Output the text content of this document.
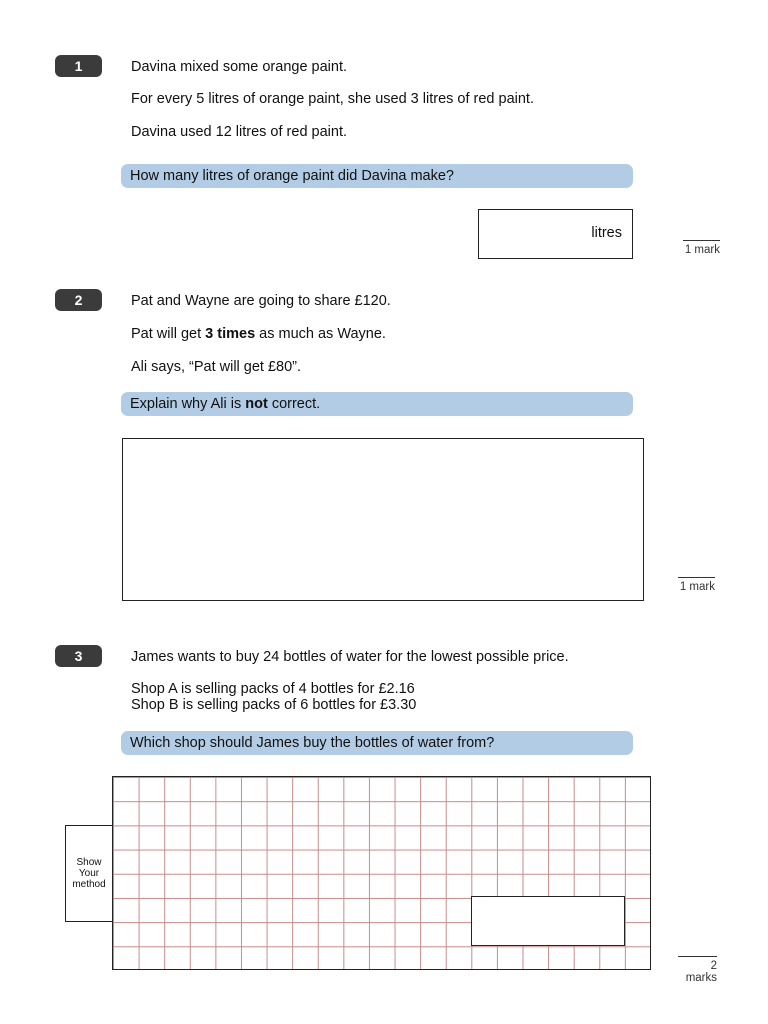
1	Davina mixed some orange paint.
For every 5 litres of orange paint, she used 3 litres of red paint.
Davina used 12 litres of red paint.
How many litres of orange paint did Davina make?
litres
1 mark
2	Pat and Wayne are going to share £120.
Pat will get 3 times as much as Wayne.
Ali says, “Pat will get £80”.
Explain why Ali is not correct.
1 mark
3	James wants to buy 24 bottles of water for the lowest possible price.
Shop A is selling packs of 4 bottles for £2.16
Shop B is selling packs of 6 bottles for £3.30
Which shop should James buy the bottles of water from?
Show Your method
2 marks
